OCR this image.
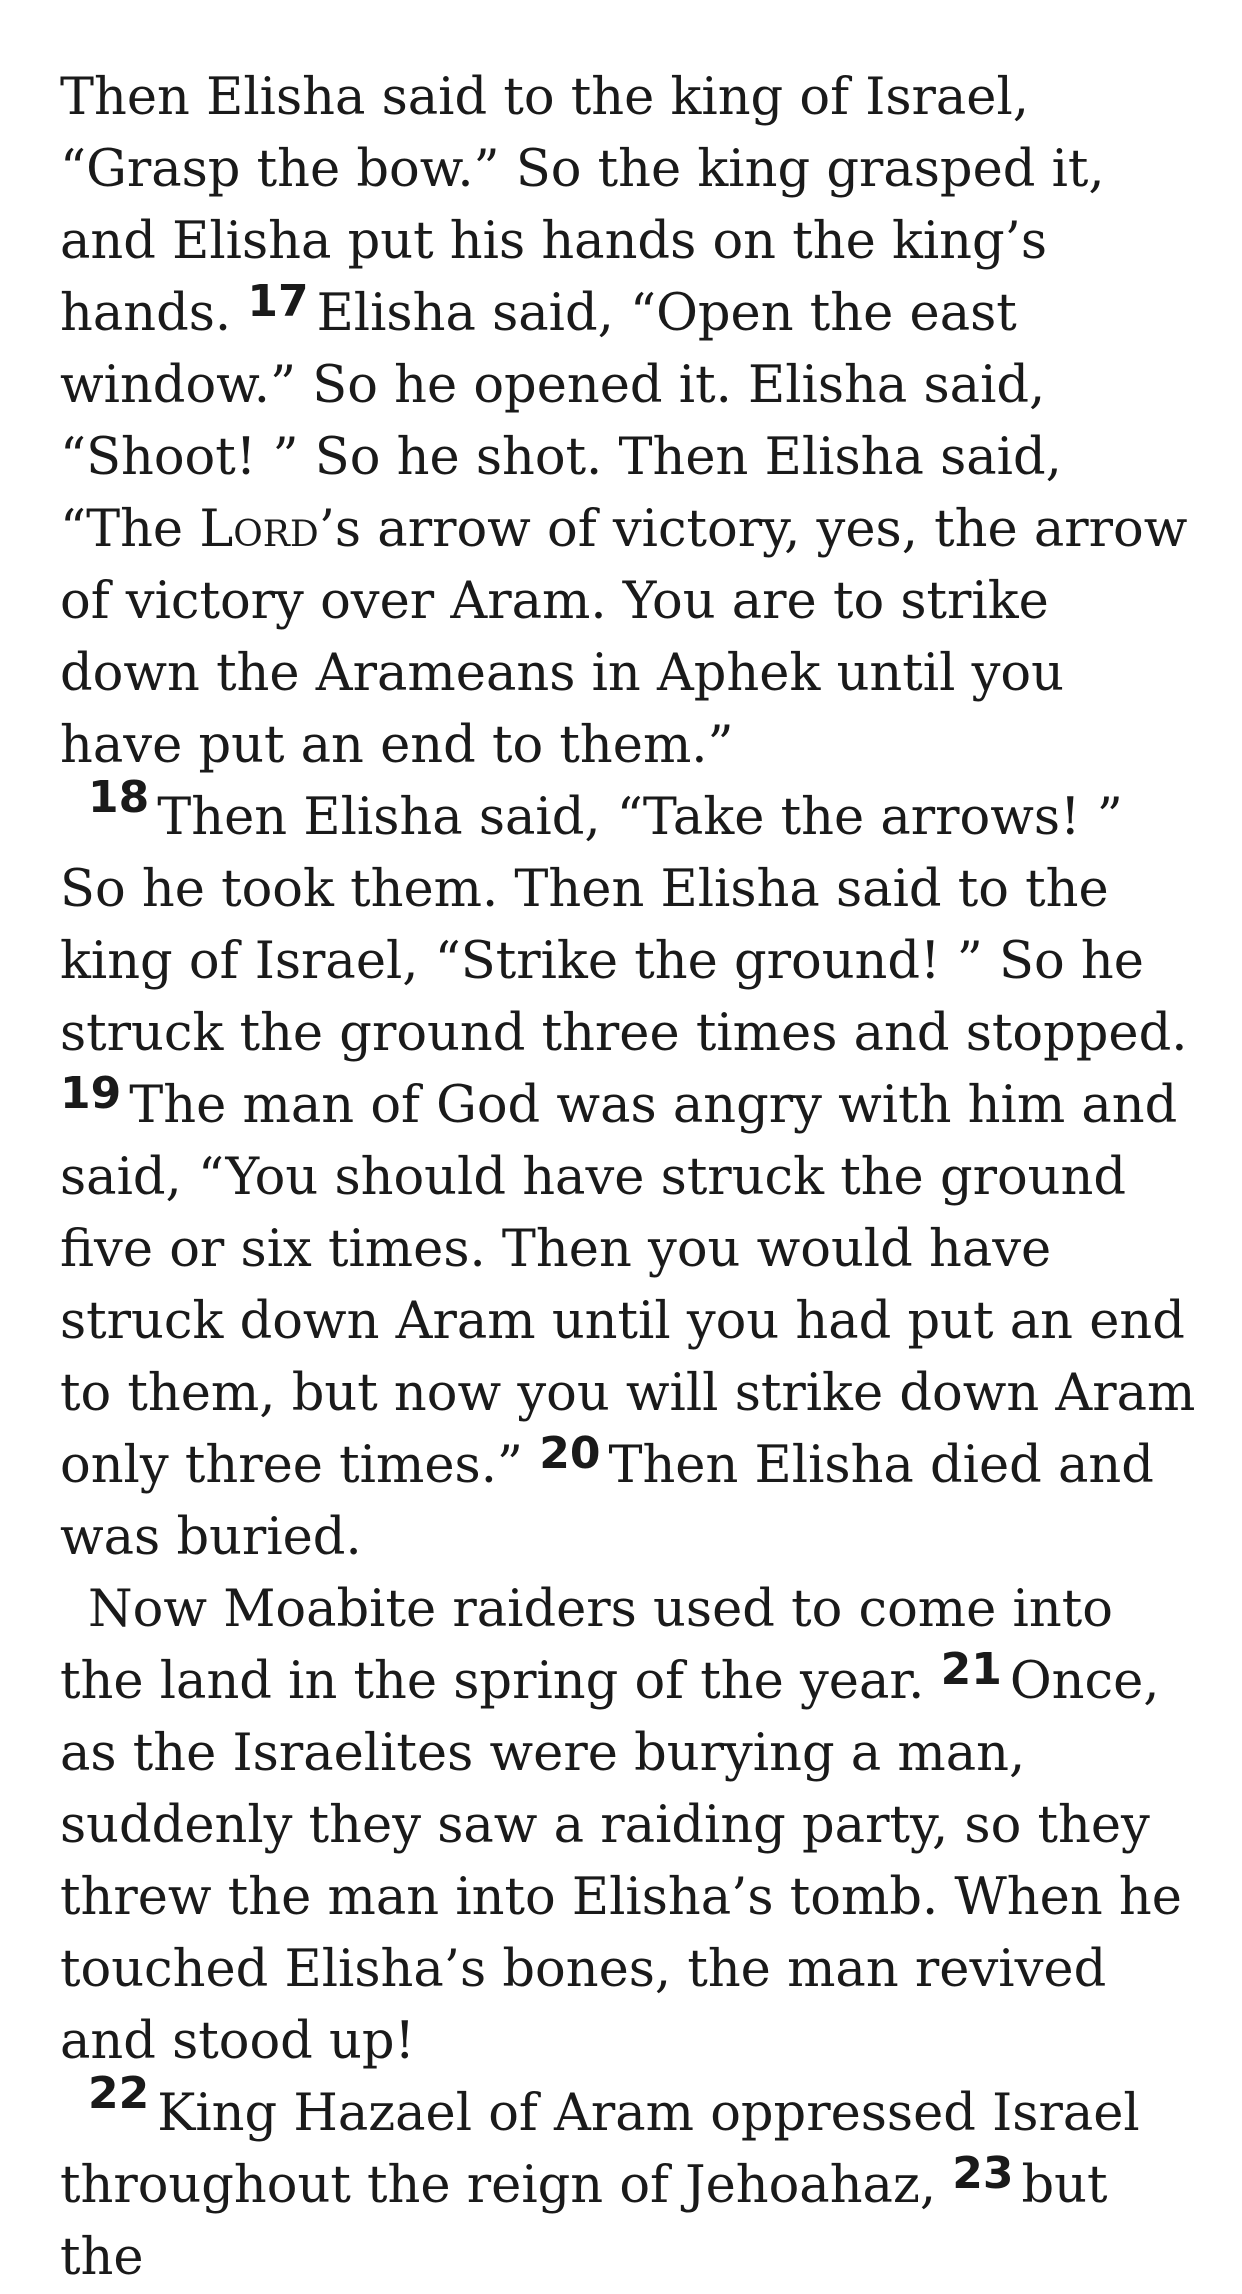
Then Elisha said to the king of Israel, “Grasp the bow.” So the king grasped it, and Elisha put his hands on the king’s hands. 17 Elisha said, “Open the east window.” So he opened it. Elisha said, “Shoot! ” So he shot. Then Elisha said, “The Lord’s arrow of victory, yes, the arrow of victory over Aram. You are to strike down the Arameans in Aphek until you have put an end to them.”

18 Then Elisha said, “Take the arrows! ” So he took them. Then Elisha said to the king of Israel, “Strike the ground! ” So he struck the ground three times and stopped. 19 The man of God was angry with him and said, “You should have struck the ground five or six times. Then you would have struck down Aram until you had put an end to them, but now you will strike down Aram only three times.” 20 Then Elisha died and was buried.

Now Moabite raiders used to come into the land in the spring of the year. 21 Once, as the Israelites were burying a man, suddenly they saw a raiding party, so they threw the man into Elisha’s tomb. When he touched Elisha’s bones, the man revived and stood up!

22 King Hazael of Aram oppressed Israel throughout the reign of Jehoahaz, 23 but the
